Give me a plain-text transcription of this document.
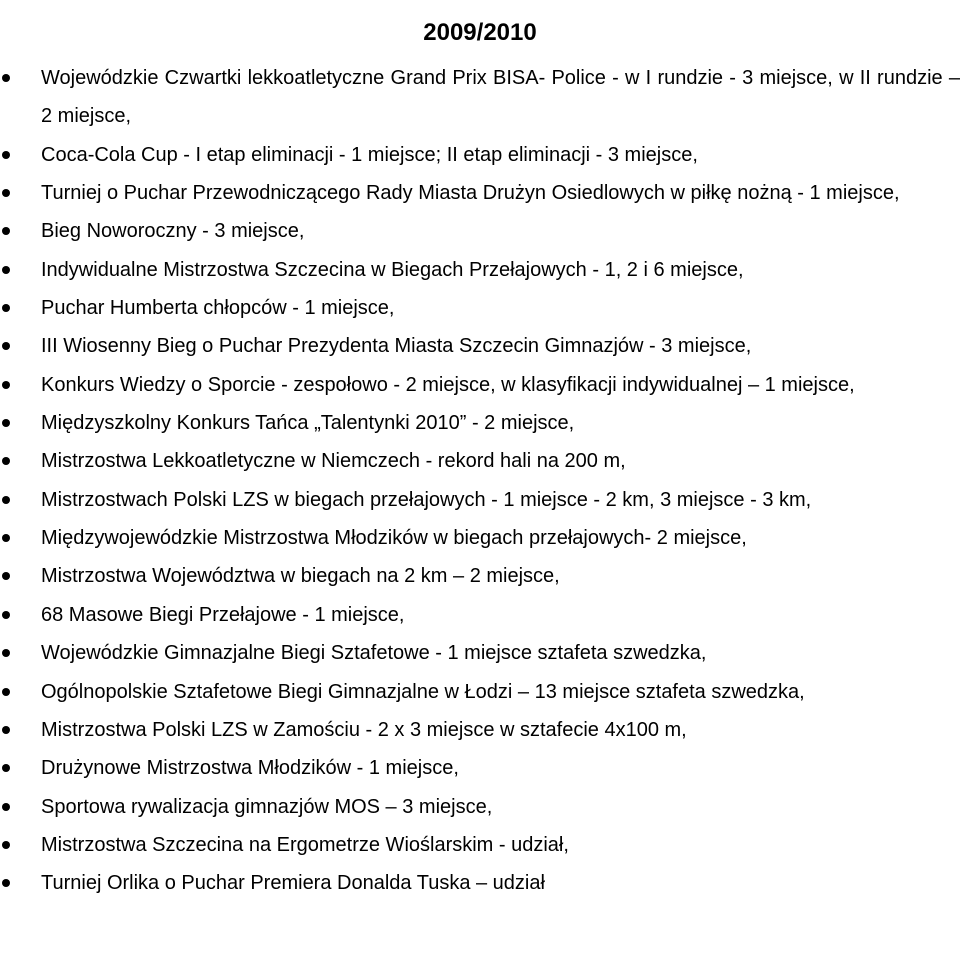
2009/2010
Wojewódzkie Czwartki lekkoatletyczne Grand Prix BISA- Police - w I rundzie - 3 miejsce, w II rundzie – 2 miejsce,
Coca-Cola Cup - I etap eliminacji - 1 miejsce; II etap eliminacji - 3 miejsce,
Turniej o Puchar Przewodniczącego Rady Miasta Drużyn Osiedlowych w piłkę nożną - 1 miejsce,
Bieg Noworoczny - 3 miejsce,
Indywidualne Mistrzostwa Szczecina w Biegach Przełajowych - 1, 2 i 6 miejsce,
Puchar Humberta chłopców - 1 miejsce,
III Wiosenny Bieg o Puchar Prezydenta Miasta Szczecin Gimnazjów - 3 miejsce,
Konkurs Wiedzy o Sporcie - zespołowo - 2 miejsce, w klasyfikacji indywidualnej – 1 miejsce,
Międzyszkolny Konkurs Tańca „Talentynki 2010” - 2 miejsce,
Mistrzostwa Lekkoatletyczne w Niemczech - rekord hali na 200 m,
Mistrzostwach Polski LZS w biegach przełajowych - 1 miejsce - 2 km, 3 miejsce - 3 km,
Międzywojewódzkie Mistrzostwa Młodzików w biegach przełajowych- 2 miejsce,
Mistrzostwa Województwa w biegach na 2 km – 2 miejsce,
68 Masowe Biegi Przełajowe - 1 miejsce,
Wojewódzkie Gimnazjalne Biegi Sztafetowe - 1 miejsce sztafeta szwedzka,
Ogólnopolskie Sztafetowe Biegi Gimnazjalne w Łodzi – 13 miejsce sztafeta szwedzka,
Mistrzostwa Polski LZS w Zamościu - 2 x 3 miejsce w sztafecie 4x100 m,
Drużynowe Mistrzostwa Młodzików - 1 miejsce,
Sportowa rywalizacja gimnazjów MOS – 3 miejsce,
Mistrzostwa Szczecina na Ergometrze Wioślarskim - udział,
Turniej Orlika o Puchar Premiera Donalda Tuska – udział
